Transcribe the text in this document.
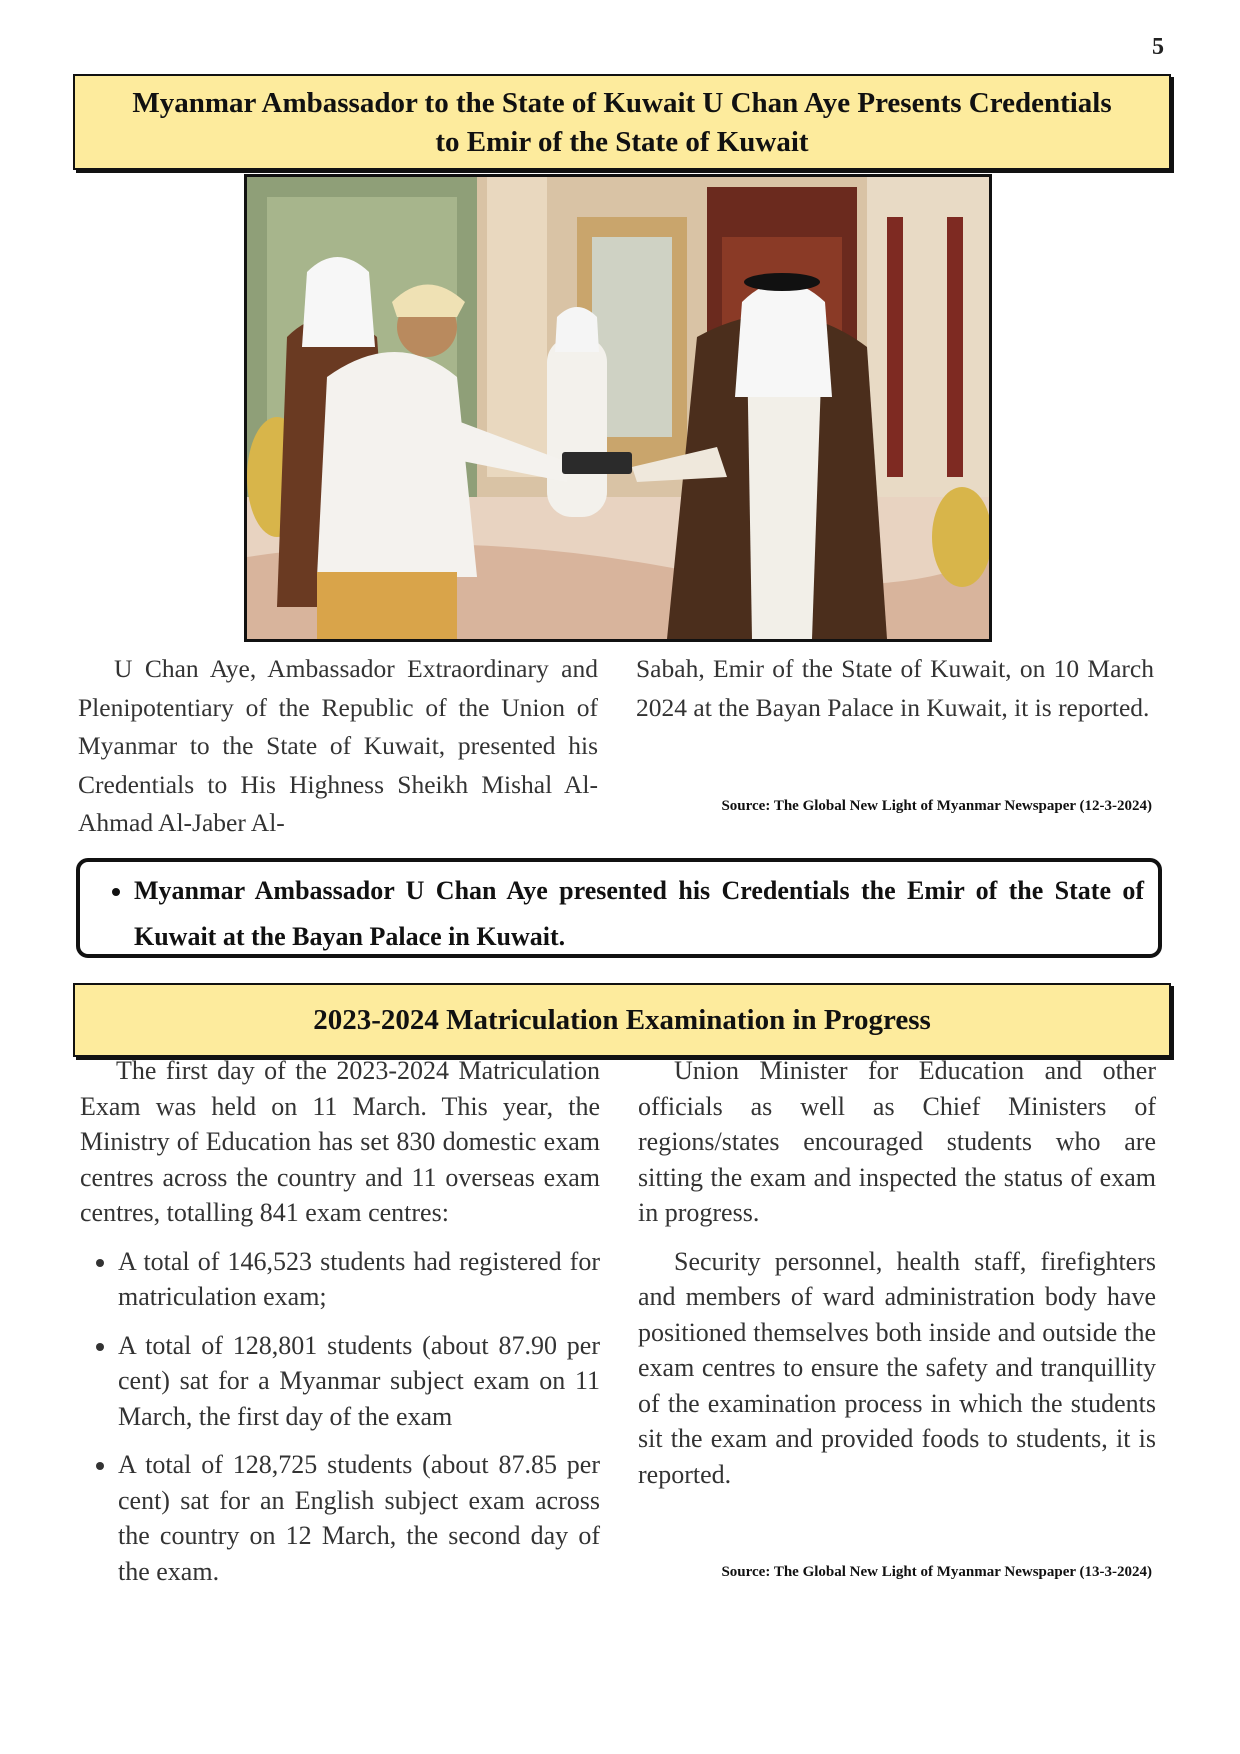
5
Myanmar Ambassador to the State of Kuwait U Chan Aye Presents Credentials
to Emir of the State of Kuwait

U Chan Aye, Ambassador Extraordinary and Plenipotentiary of the Republic of the Union of Myanmar to the State of Kuwait, presented his Credentials to His Highness Sheikh Mishal Al-Ahmad Al-Jaber Al-

Sabah, Emir of the State of Kuwait, on 10 March 2024 at the Bayan Palace in Kuwait, it is reported.

Source: The Global New Light of Myanmar Newspaper (12-3-2024)
• Myanmar Ambassador U Chan Aye presented his Credentials the Emir of the State of Kuwait at the Bayan Palace in Kuwait.
2023-2024 Matriculation Examination in Progress

The first day of the 2023-2024 Matriculation Exam was held on 11 March. This year, the Ministry of Education has set 830 domestic exam centres across the country and 11 overseas exam centres, totalling 841 exam centres:

• A total of 146,523 students had registered for matriculation exam;
• A total of 128,801 students (about 87.90 per cent) sat for a Myanmar subject exam on 11 March, the first day of the exam
• A total of 128,725 students (about 87.85 per cent) sat for an English subject exam across the country on 12 March, the second day of the exam.

Union Minister for Education and other officials as well as Chief Ministers of regions/states encouraged students who are sitting the exam and inspected the status of exam in progress.

Security personnel, health staff, firefighters and members of ward administration body have positioned themselves both inside and outside the exam centres to ensure the safety and tranquillity of the examination process in which the students sit the exam and provided foods to students, it is reported.

Source: The Global New Light of Myanmar Newspaper (13-3-2024)
